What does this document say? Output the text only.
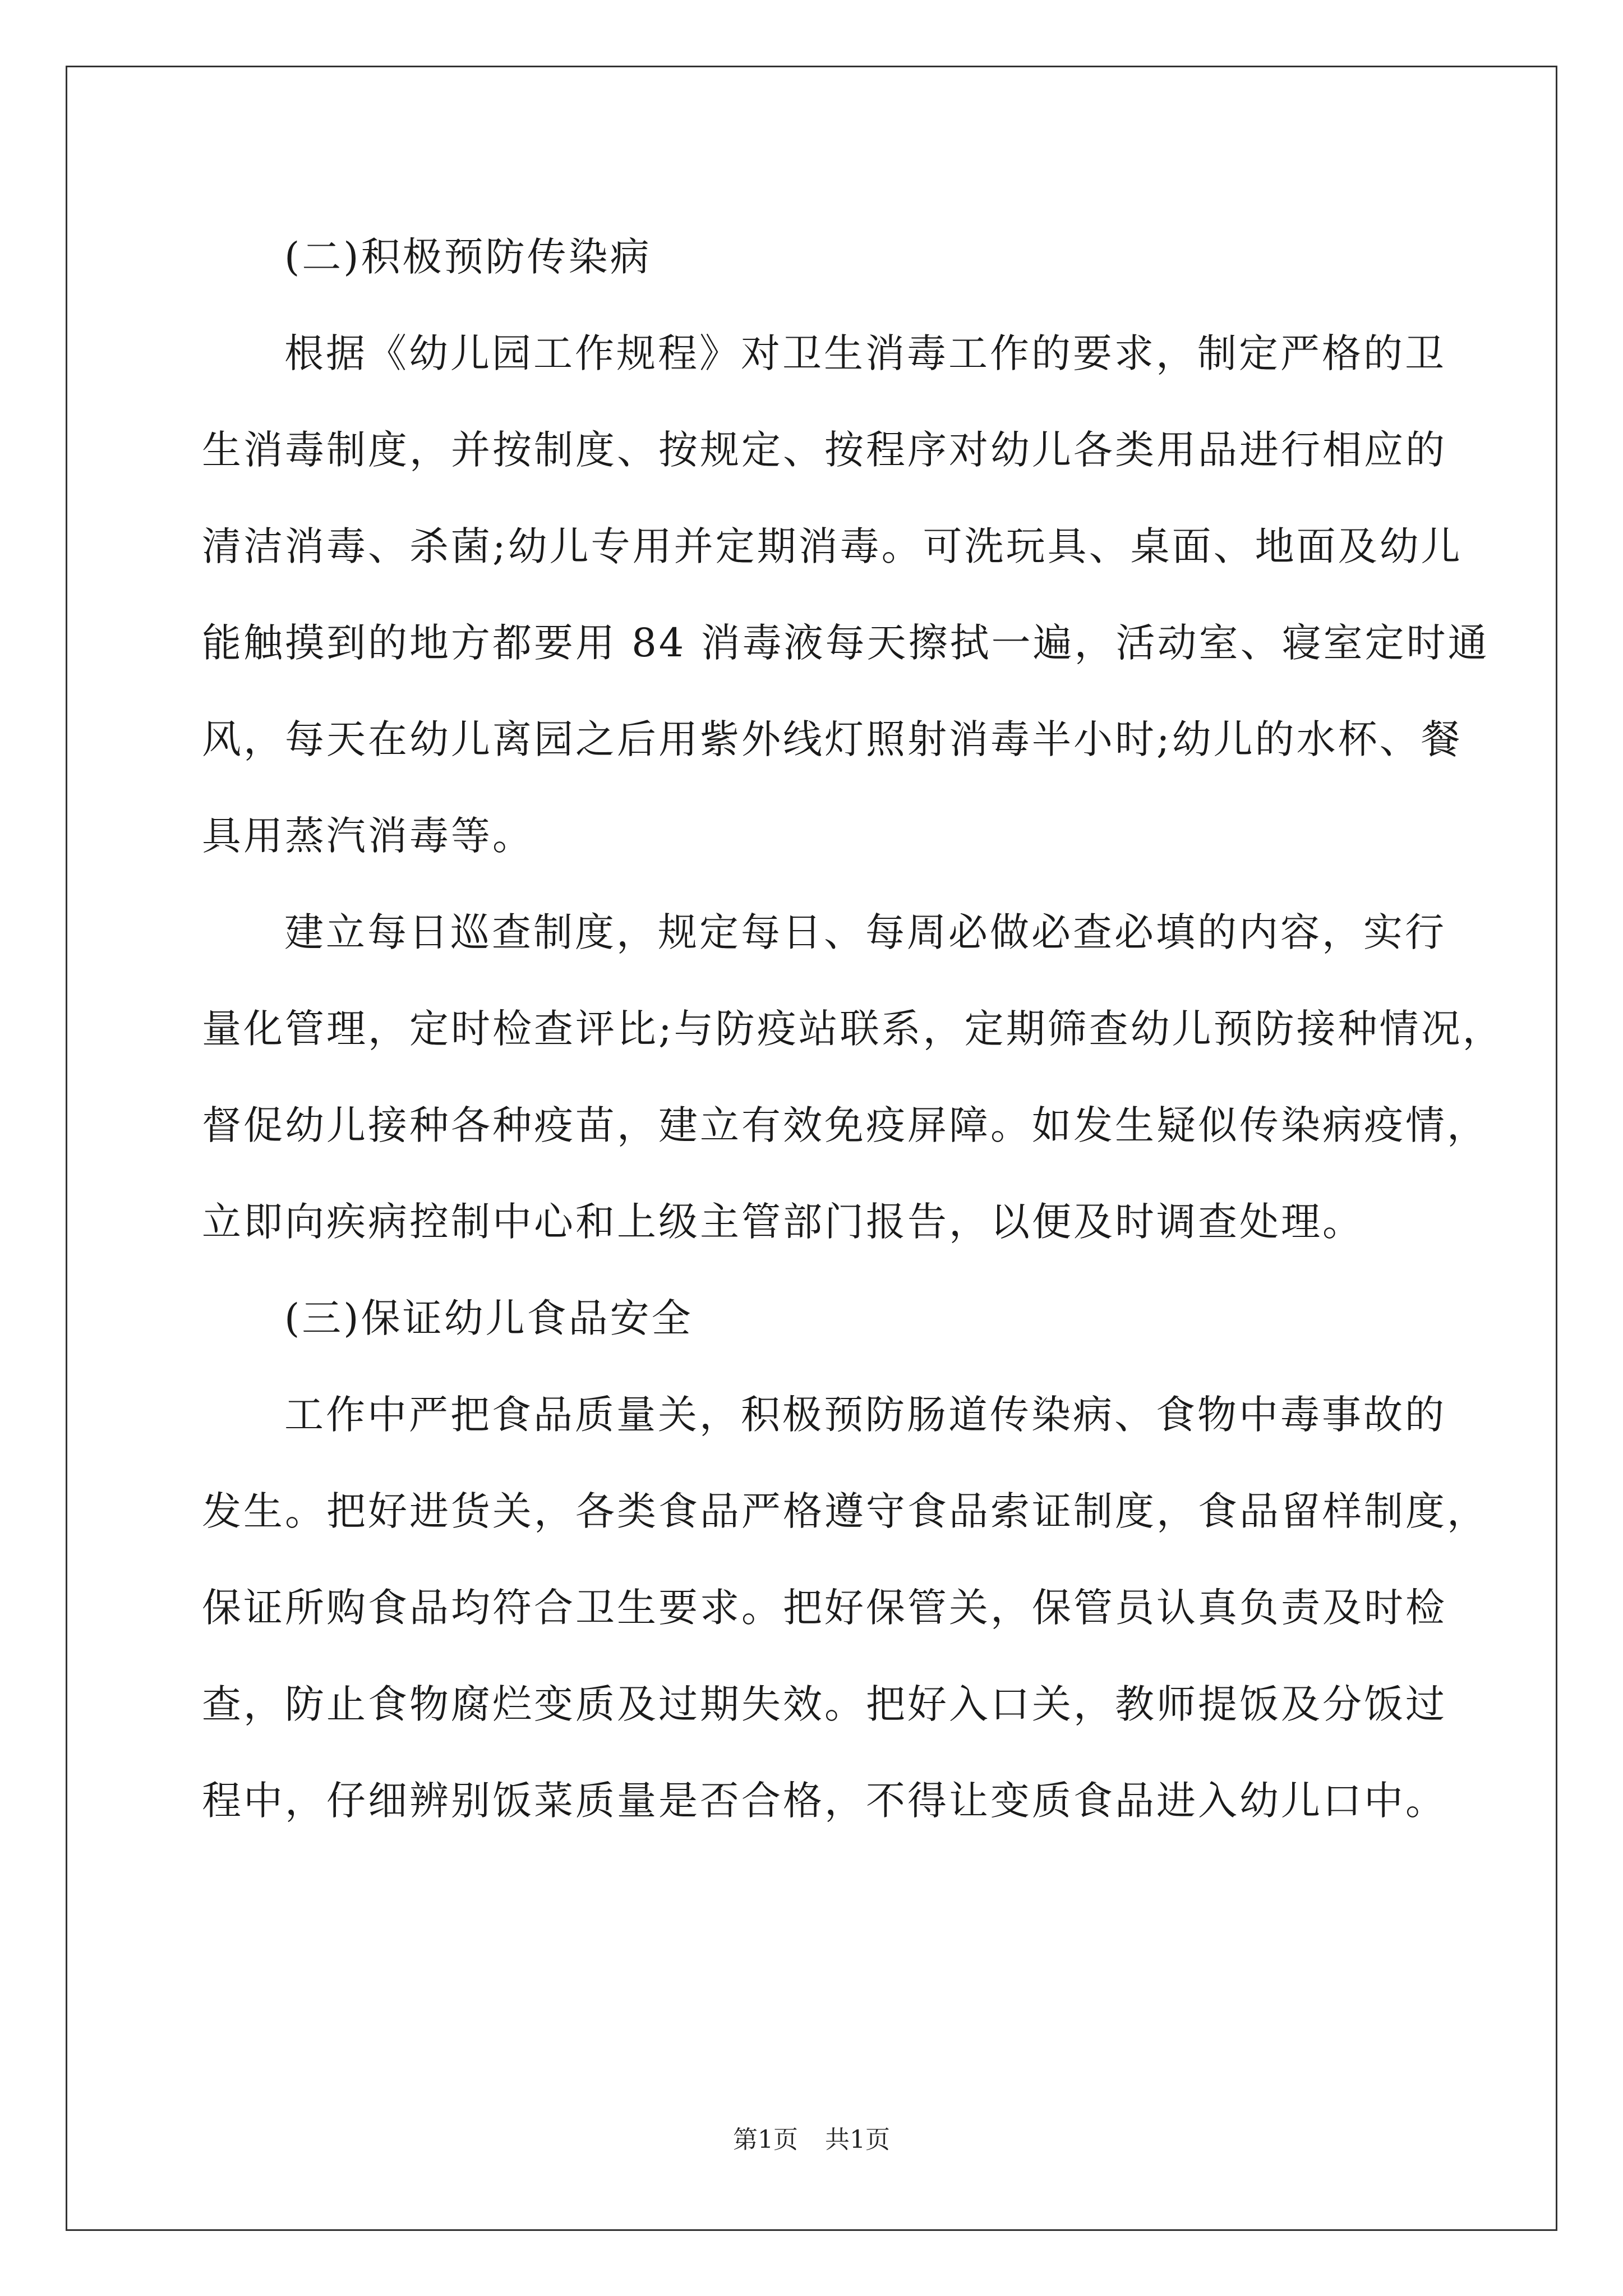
(二)积极预防传染病
根据《幼儿园工作规程》对卫生消毒工作的要求，制定严格的卫
生消毒制度，并按制度、按规定、按程序对幼儿各类用品进行相应的
清洁消毒、杀菌;幼儿专用并定期消毒。可洗玩具、桌面、地面及幼儿
能触摸到的地方都要用 84 消毒液每天擦拭一遍，活动室、寝室定时通
风，每天在幼儿离园之后用紫外线灯照射消毒半小时;幼儿的水杯、餐
具用蒸汽消毒等。
建立每日巡查制度，规定每日、每周必做必查必填的内容，实行
量化管理，定时检查评比;与防疫站联系，定期筛查幼儿预防接种情况，
督促幼儿接种各种疫苗，建立有效免疫屏障。如发生疑似传染病疫情，
立即向疾病控制中心和上级主管部门报告，以便及时调查处理。
(三)保证幼儿食品安全
工作中严把食品质量关，积极预防肠道传染病、食物中毒事故的
发生。把好进货关，各类食品严格遵守食品索证制度，食品留样制度，
保证所购食品均符合卫生要求。把好保管关，保管员认真负责及时检
查，防止食物腐烂变质及过期失效。把好入口关，教师提饭及分饭过
程中，仔细辨别饭菜质量是否合格，不得让变质食品进入幼儿口中。
第1页 共1页
